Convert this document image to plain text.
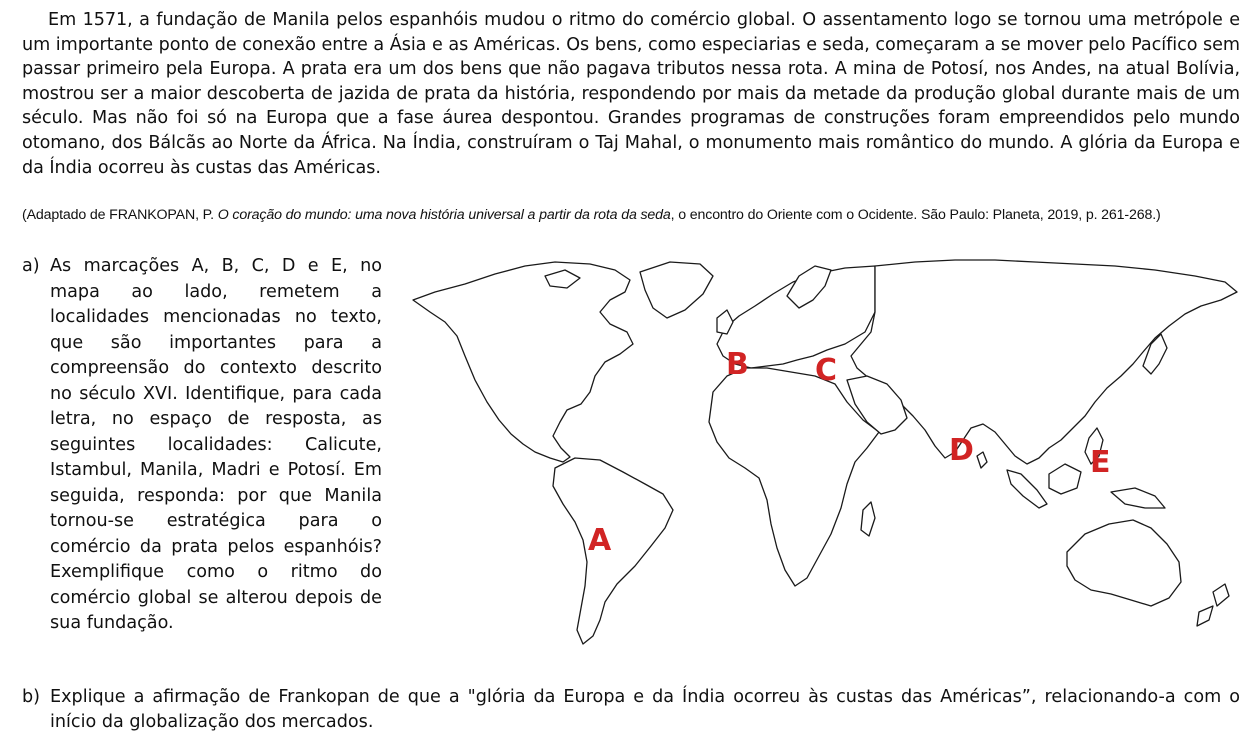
Em 1571, a fundação de Manila pelos espanhóis mudou o ritmo do comércio global. O assentamento logo se tornou uma metrópole e um importante ponto de conexão entre a Ásia e as Américas. Os bens, como especiarias e seda, começaram a se mover pelo Pacífico sem passar primeiro pela Europa. A prata era um dos bens que não pagava tributos nessa rota. A mina de Potosí, nos Andes, na atual Bolívia, mostrou ser a maior descoberta de jazida de prata da história, respondendo por mais da metade da produção global durante mais de um século. Mas não foi só na Europa que a fase áurea despontou. Grandes programas de construções foram empreendidos pelo mundo otomano, dos Bálcãs ao Norte da África. Na Índia, construíram o Taj Mahal, o monumento mais romântico do mundo. A glória da Europa e da Índia ocorreu às custas das Américas.

(Adaptado de FRANKOPAN, P. O coração do mundo: uma nova história universal a partir da rota da seda, o encontro do Oriente com o Ocidente. São Paulo: Planeta, 2019, p. 261-268.)
a) As marcações A, B, C, D e E, no mapa ao lado, remetem a localidades mencionadas no texto, que são importantes para a compreensão do contexto descrito no século XVI. Identifique, para cada letra, no espaço de resposta, as seguintes localidades: Calicute, Istambul, Manila, Madri e Potosí. Em seguida, responda: por que Manila tornou-se estratégica para o comércio da prata pelos espanhóis? Exemplifique como o ritmo do comércio global se alterou depois de sua fundação.
A
B C
D	E
b) Explique a afirmação de Frankopan de que a "glória da Europa e da Índia ocorreu às custas das Américas”, relacionando-a com o início da globalização dos mercados.
